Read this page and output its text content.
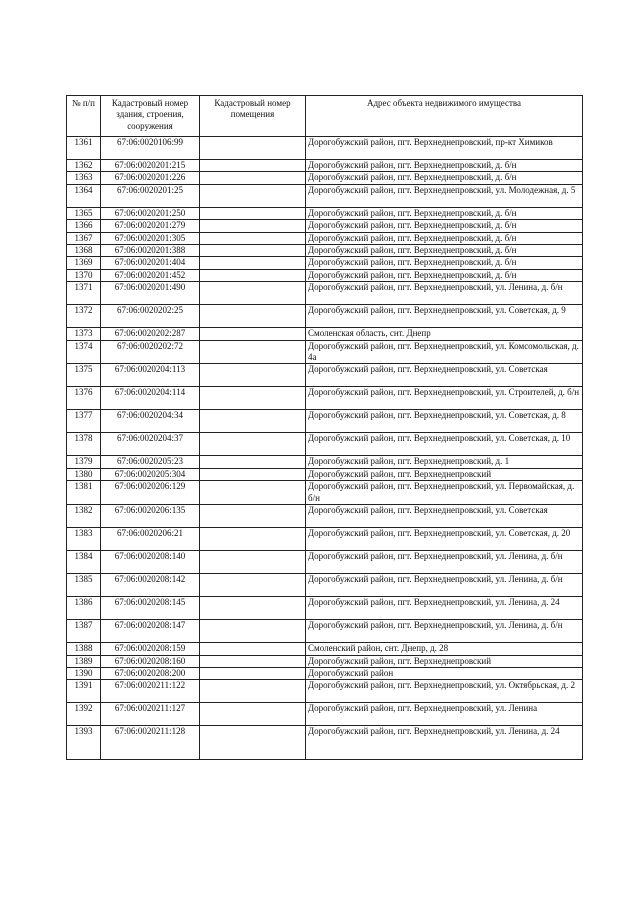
№ п/п	Кадастровый номер здания, строения, сооружения	Кадастровый номер помещения	Адрес объекта недвижимого имущества
1361	67:06:0020106:99		Дорогобужский район, пгт. Верхнеднепровский, пр-кт Химиков
1362	67:06:0020201:215		Дорогобужский район, пгт. Верхнеднепровский, д. б/н
1363	67:06:0020201:226		Дорогобужский район, пгт. Верхнеднепровский, д. б/н
1364	67:06:0020201:25		Дорогобужский район, пгт. Верхнеднепровский, ул. Молодежная, д. 5
1365	67:06:0020201:250		Дорогобужский район, пгт. Верхнеднепровский, д. б/н
1366	67:06:0020201:279		Дорогобужский район, пгт. Верхнеднепровский, д. б/н
1367	67:06:0020201:305		Дорогобужский район, пгт. Верхнеднепровский, д. б/н
1368	67:06:0020201:388		Дорогобужский район, пгт. Верхнеднепровский, д. б/н
1369	67:06:0020201:404		Дорогобужский район, пгт. Верхнеднепровский, д. б/н
1370	67:06:0020201:452		Дорогобужский район, пгт. Верхнеднепровский, д. б/н
1371	67:06:0020201:490		Дорогобужский район, пгт. Верхнеднепровский, ул. Ленина, д. б/н
1372	67:06:0020202:25		Дорогобужский район, пгт. Верхнеднепровский, ул. Советская, д. 9
1373	67:06:0020202:287		Смоленская область, снт. Днепр
1374	67:06:0020202:72		Дорогобужский район, пгт. Верхнеднепровский, ул. Комсомольская, д. 4а
1375	67:06:0020204:113		Дорогобужский район, пгт. Верхнеднепровский, ул. Советская
1376	67:06:0020204:114		Дорогобужский район, пгт. Верхнеднепровский, ул. Строителей, д. б/н
1377	67:06:0020204:34		Дорогобужский район, пгт. Верхнеднепровский, ул. Советская, д. 8
1378	67:06:0020204:37		Дорогобужский район, пгт. Верхнеднепровский, ул. Советская, д. 10
1379	67:06:0020205:23		Дорогобужский район, пгт. Верхнеднепровский, д. 1
1380	67:06:0020205:304		Дорогобужский район, пгт. Верхнеднепровский
1381	67:06:0020206:129		Дорогобужский район, пгт. Верхнеднепровский, ул. Первомайская, д. б/н
1382	67:06:0020206:135		Дорогобужский район, пгт. Верхнеднепровский, ул. Советская
1383	67:06:0020206:21		Дорогобужский район, пгт. Верхнеднепровский, ул. Советская, д. 20
1384	67:06:0020208:140		Дорогобужский район, пгт. Верхнеднепровский, ул. Ленина, д. б/н
1385	67:06:0020208:142		Дорогобужский район, пгт. Верхнеднепровский, ул. Ленина, д. б/н
1386	67:06:0020208:145		Дорогобужский район, пгт. Верхнеднепровский, ул. Ленина, д. 24
1387	67:06:0020208:147		Дорогобужский район, пгт. Верхнеднепровский, ул. Ленина, д. б/н
1388	67:06:0020208:159		Смоленский район, снт. Днепр, д. 28
1389	67:06:0020208:160		Дорогобужский район, пгт. Верхнеднепровский
1390	67:06:0020208:200		Дорогобужский район
1391	67:06:0020211:122		Дорогобужский район, пгт. Верхнеднепровский, ул. Октябрьская, д. 2
1392	67:06:0020211:127		Дорогобужский район, пгт. Верхнеднепровский, ул. Ленина
1393	67:06:0020211:128		Дорогобужский район, пгт. Верхнеднепровский, ул. Ленина, д. 24
